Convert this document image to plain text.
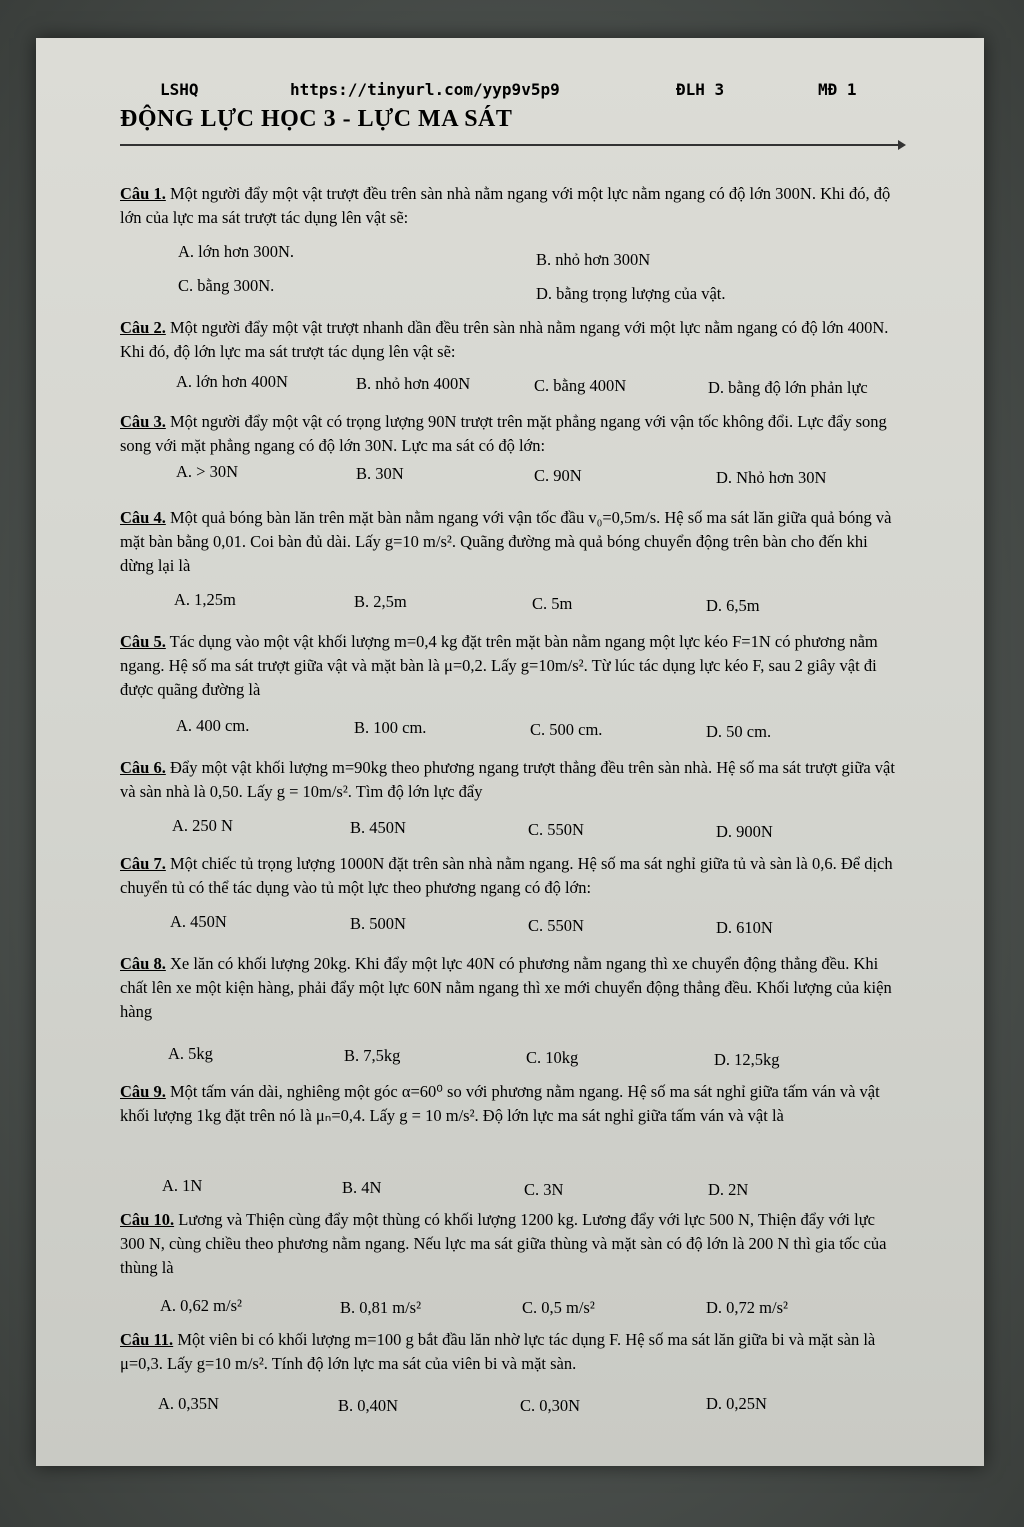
LSHQ	https://tinyurl.com/yyp9v5p9	ĐLH 3	MĐ 1
ĐỘNG LỰC HỌC 3 - LỰC MA SÁT
Câu 1. Một người đẩy một vật trượt đều trên sàn nhà nằm ngang với một lực nằm ngang có độ lớn 300N. Khi đó, độ lớn của lực ma sát trượt tác dụng lên vật sẽ:
A. lớn hơn 300N.	B. nhỏ hơn 300N
C. bằng 300N.	D. bằng trọng lượng của vật.
Câu 2. Một người đẩy một vật trượt nhanh dần đều trên sàn nhà nằm ngang với một lực nằm ngang có độ lớn 400N. Khi đó, độ lớn lực ma sát trượt tác dụng lên vật sẽ:
A. lớn hơn 400N	B. nhỏ hơn 400N	C. bằng 400N	D. bằng độ lớn phản lực
Câu 3. Một người đẩy một vật có trọng lượng 90N trượt trên mặt phẳng ngang với vận tốc không đổi. Lực đẩy song song với mặt phẳng ngang có độ lớn 30N. Lực ma sát có độ lớn:
A. > 30N	B. 30N	C. 90N	D. Nhỏ hơn 30N
Câu 4. Một quả bóng bàn lăn trên mặt bàn nằm ngang với vận tốc đầu v₀=0,5m/s. Hệ số ma sát lăn giữa quả bóng và mặt bàn bằng 0,01. Coi bàn đủ dài. Lấy g=10 m/s². Quãng đường mà quả bóng chuyển động trên bàn cho đến khi dừng lại là
A. 1,25m	B. 2,5m	C. 5m	D. 6,5m
Câu 5. Tác dụng vào một vật khối lượng m=0,4 kg đặt trên mặt bàn nằm ngang một lực kéo F=1N có phương nằm ngang. Hệ số ma sát trượt giữa vật và mặt bàn là μ=0,2. Lấy g=10m/s². Từ lúc tác dụng lực kéo F, sau 2 giây vật đi được quãng đường là
A. 400 cm.	B. 100 cm.	C. 500 cm.	D. 50 cm.
Câu 6. Đẩy một vật khối lượng m=90kg theo phương ngang trượt thẳng đều trên sàn nhà. Hệ số ma sát trượt giữa vật và sàn nhà là 0,50. Lấy g = 10m/s². Tìm độ lớn lực đẩy
A. 250 N	B. 450N	C. 550N	D. 900N
Câu 7. Một chiếc tủ trọng lượng 1000N đặt trên sàn nhà nằm ngang. Hệ số ma sát nghỉ giữa tủ và sàn là 0,6. Để dịch chuyển tủ có thể tác dụng vào tủ một lực theo phương ngang có độ lớn:
A. 450N	B. 500N	C. 550N	D. 610N
Câu 8. Xe lăn có khối lượng 20kg. Khi đẩy một lực 40N có phương nằm ngang thì xe chuyển động thẳng đều. Khi chất lên xe một kiện hàng, phải đẩy một lực 60N nằm ngang thì xe mới chuyển động thẳng đều. Khối lượng của kiện hàng
A. 5kg	B. 7,5kg	C. 10kg	D. 12,5kg
Câu 9. Một tấm ván dài, nghiêng một góc α=60⁰ so với phương nằm ngang. Hệ số ma sát nghỉ giữa tấm ván và vật khối lượng 1kg đặt trên nó là μₙ=0,4. Lấy g = 10 m/s². Độ lớn lực ma sát nghỉ giữa tấm ván và vật là
A. 1N	B. 4N	C. 3N	D. 2N
Câu 10. Lương và Thiện cùng đẩy một thùng có khối lượng 1200 kg. Lương đẩy với lực 500 N, Thiện đẩy với lực 300 N, cùng chiều theo phương nằm ngang. Nếu lực ma sát giữa thùng và mặt sàn có độ lớn là 200 N thì gia tốc của thùng là
A. 0,62 m/s²	B. 0,81 m/s²	C. 0,5 m/s²	D. 0,72 m/s²
Câu 11. Một viên bi có khối lượng m=100 g bắt đầu lăn nhờ lực tác dụng F. Hệ số ma sát lăn giữa bi và mặt sàn là μ=0,3. Lấy g=10 m/s². Tính độ lớn lực ma sát của viên bi và mặt sàn.
A. 0,35N	B. 0,40N	C. 0,30N	D. 0,25N
